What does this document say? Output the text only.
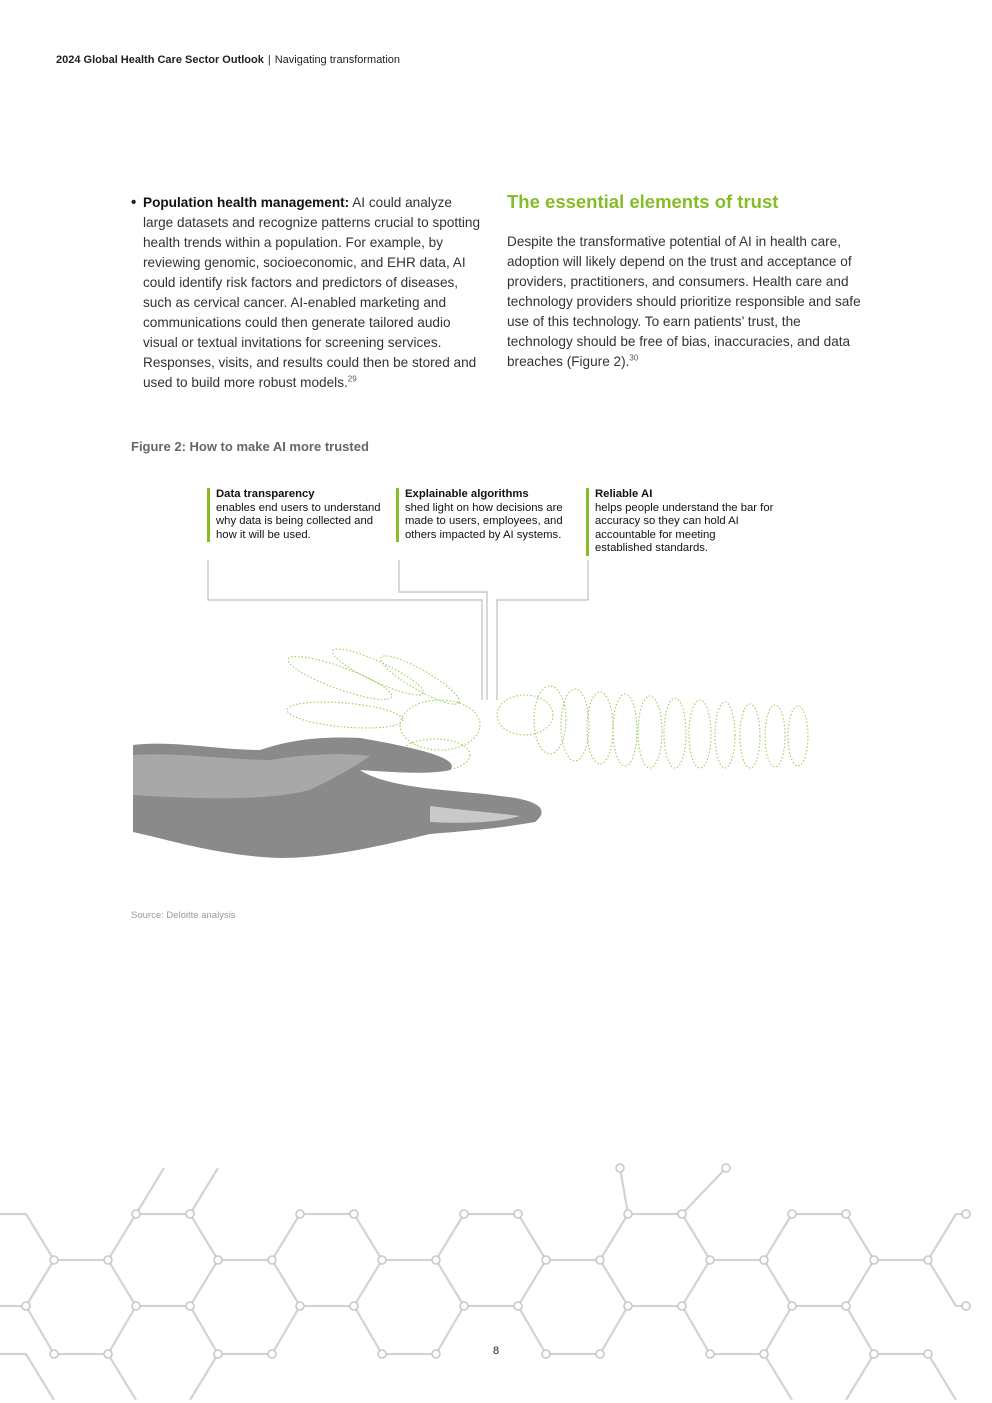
2024 Global Health Care Sector Outlook | Navigating transformation
• Population health management: AI could analyze large datasets and recognize patterns crucial to spotting health trends within a population. For example, by reviewing genomic, socioeconomic, and EHR data, AI could identify risk factors and predictors of diseases, such as cervical cancer. AI-enabled marketing and communications could then generate tailored audio visual or textual invitations for screening services. Responses, visits, and results could then be stored and used to build more robust models.$^{29}$
The essential elements of trust

Despite the transformative potential of AI in health care, adoption will likely depend on the trust and acceptance of providers, practitioners, and consumers. Health care and technology providers should prioritize responsible and safe use of this technology. To earn patients’ trust, the technology should be free of bias, inaccuracies, and data breaches (Figure 2).$^{30}$

Figure 2: How to make AI more trusted
Data transparency
enables end users to understand why data is being collected and how it will be used.
Explainable algorithms
shed light on how decisions are made to users, employees, and others impacted by AI systems.
Reliable AI
helps people understand the bar for accuracy so they can hold AI accountable for meeting established standards.
Source: Deloitte analysis
8
